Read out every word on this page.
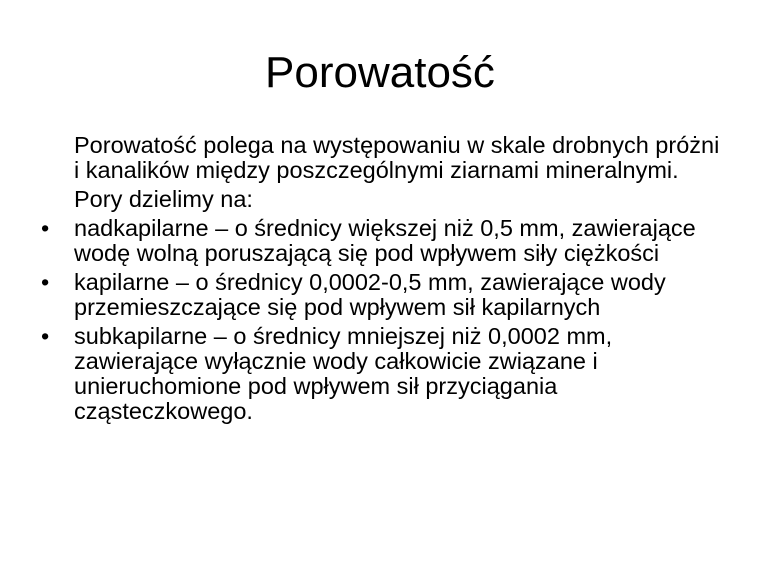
Porowatość

Porowatość polega na występowaniu w skale drobnych próżni i kanalików między poszczególnymi ziarnami mineralnymi.

Pory dzielimy na:

•	nadkapilarne – o średnicy większej niż 0,5 mm, zawierające wodę wolną poruszającą się pod wpływem siły ciężkości
•	kapilarne – o średnicy 0,0002-0,5 mm, zawierające wody przemieszczające się pod wpływem sił kapilarnych
•	subkapilarne – o średnicy mniejszej niż 0,0002 mm, zawierające wyłącznie wody całkowicie związane i unieruchomione pod wpływem sił przyciągania cząsteczkowego.
